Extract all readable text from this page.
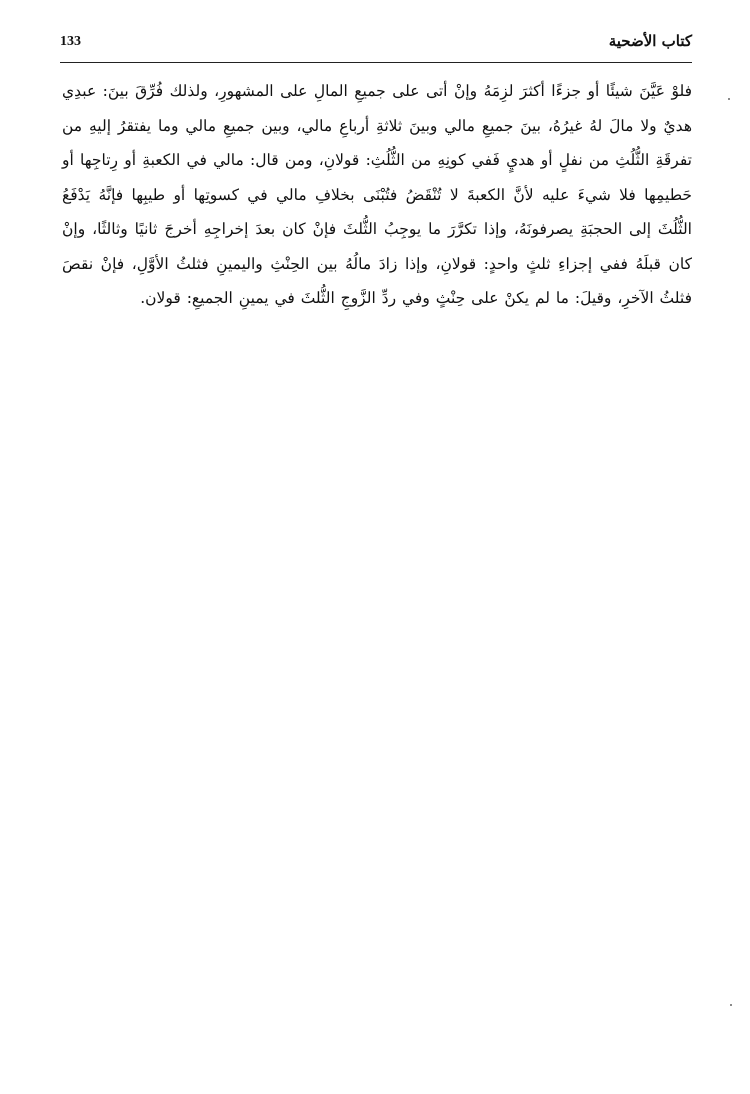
كتاب الأضحية
133

فلوْ عَيَّنَ شيئًا أو جزءًا أكثرَ لزِمَهُ وإنْ أتى على جميعِ المالِ على المشهورِ، ولذلك فُرِّقَ بينَ: عبدِي هديٌ ولا مالَ لهُ غيرُهُ، بينَ جميعِ مالي وبينَ ثلاثةِ أرباعِ مالي، وبين جميعِ مالي وما يفتقرُ إليهِ من تفرقَةِ الثُّلُثِ من نفلٍ أو هديٍ فَفي كونِهِ من الثُّلُثِ: قولانِ، ومن قال: مالي في الكعبةِ أو رِتاجِها أو حَطيمِها فلا شيءَ عليه لأنَّ الكعبةَ لا تُنْقَضُ فتُبْنَى بخلافِ مالي في كسوتِها أو طيبِها فإنَّهُ يَدْفَعُ الثُّلُثَ إلى الحجبَةِ يصرفونَهُ، وإذا تكرَّرَ ما يوجِبُ الثُّلثَ فإنْ كان بعدَ إخراجِهِ أخرجَ ثانيًا وثالثًا، وإنْ كان قبلَهُ ففي إجزاءِ ثلثٍ واحدٍ: قولانِ، وإذا زادَ مالُهُ بين الحِنْثِ واليمينِ فثلثُ الأوَّلِ، فإنْ نقصَ فثلثُ الآخرِ، وقيلَ: ما لم يكنْ على حِنْثٍ وفي ردِّ الزَّوجِ الثُّلثَ في يمينِ الجميعِ: قولان.
